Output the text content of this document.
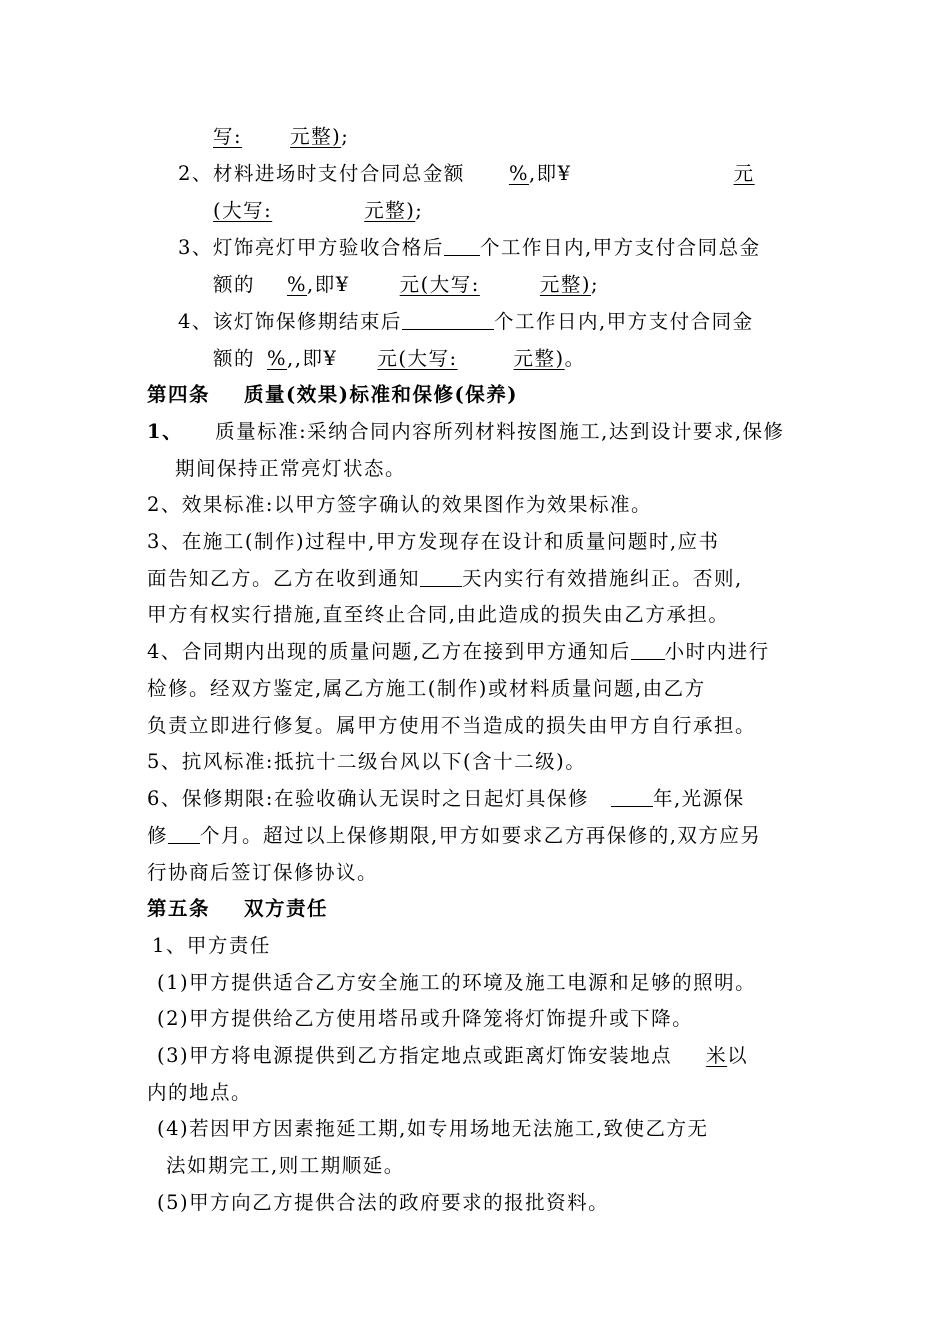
写: 元整);
2、材料进场时支付合同总金额 %,即¥	元
(大写:	元整);
3、灯饰亮灯甲方验收合格后 个工作日内,甲方支付合同总金
额的 %,即¥	元(大写:	元整);
4、该灯饰保修期结束后	个工作日内,甲方支付合同金
额的 %,,即¥ 元(大写:	元整)。
第四条 质量(效果)标准和保修(保养)
1、 质量标准:采纳合同内容所列材料按图施工,达到设计要求,保修
期间保持正常亮灯状态。
2、效果标准:以甲方签字确认的效果图作为效果标准。
3、在施工(制作)过程中,甲方发现存在设计和质量问题时,应书
面告知乙方。乙方在收到通知 天内实行有效措施纠正。否则,
甲方有权实行措施,直至终止合同,由此造成的损失由乙方承担。
4、合同期内出现的质量问题,乙方在接到甲方通知后 小时内进行
检修。经双方鉴定,属乙方施工(制作)或材料质量问题,由乙方
负责立即进行修复。属甲方使用不当造成的损失由甲方自行承担。
5、抗风标准:抵抗十二级台风以下(含十二级)。
6、保修期限:在验收确认无误时之日起灯具保修	年,光源保
修 个月。超过以上保修期限,甲方如要求乙方再保修的,双方应另
行协商后签订保修协议。
第五条 双方责任
1、甲方责任
(1)甲方提供适合乙方安全施工的环境及施工电源和足够的照明。
(2)甲方提供给乙方使用塔吊或升降笼将灯饰提升或下降。
(3)甲方将电源提供到乙方指定地点或距离灯饰安装地点 米以
内的地点。
(4)若因甲方因素拖延工期,如专用场地无法施工,致使乙方无
法如期完工,则工期顺延。
(5)甲方向乙方提供合法的政府要求的报批资料。
